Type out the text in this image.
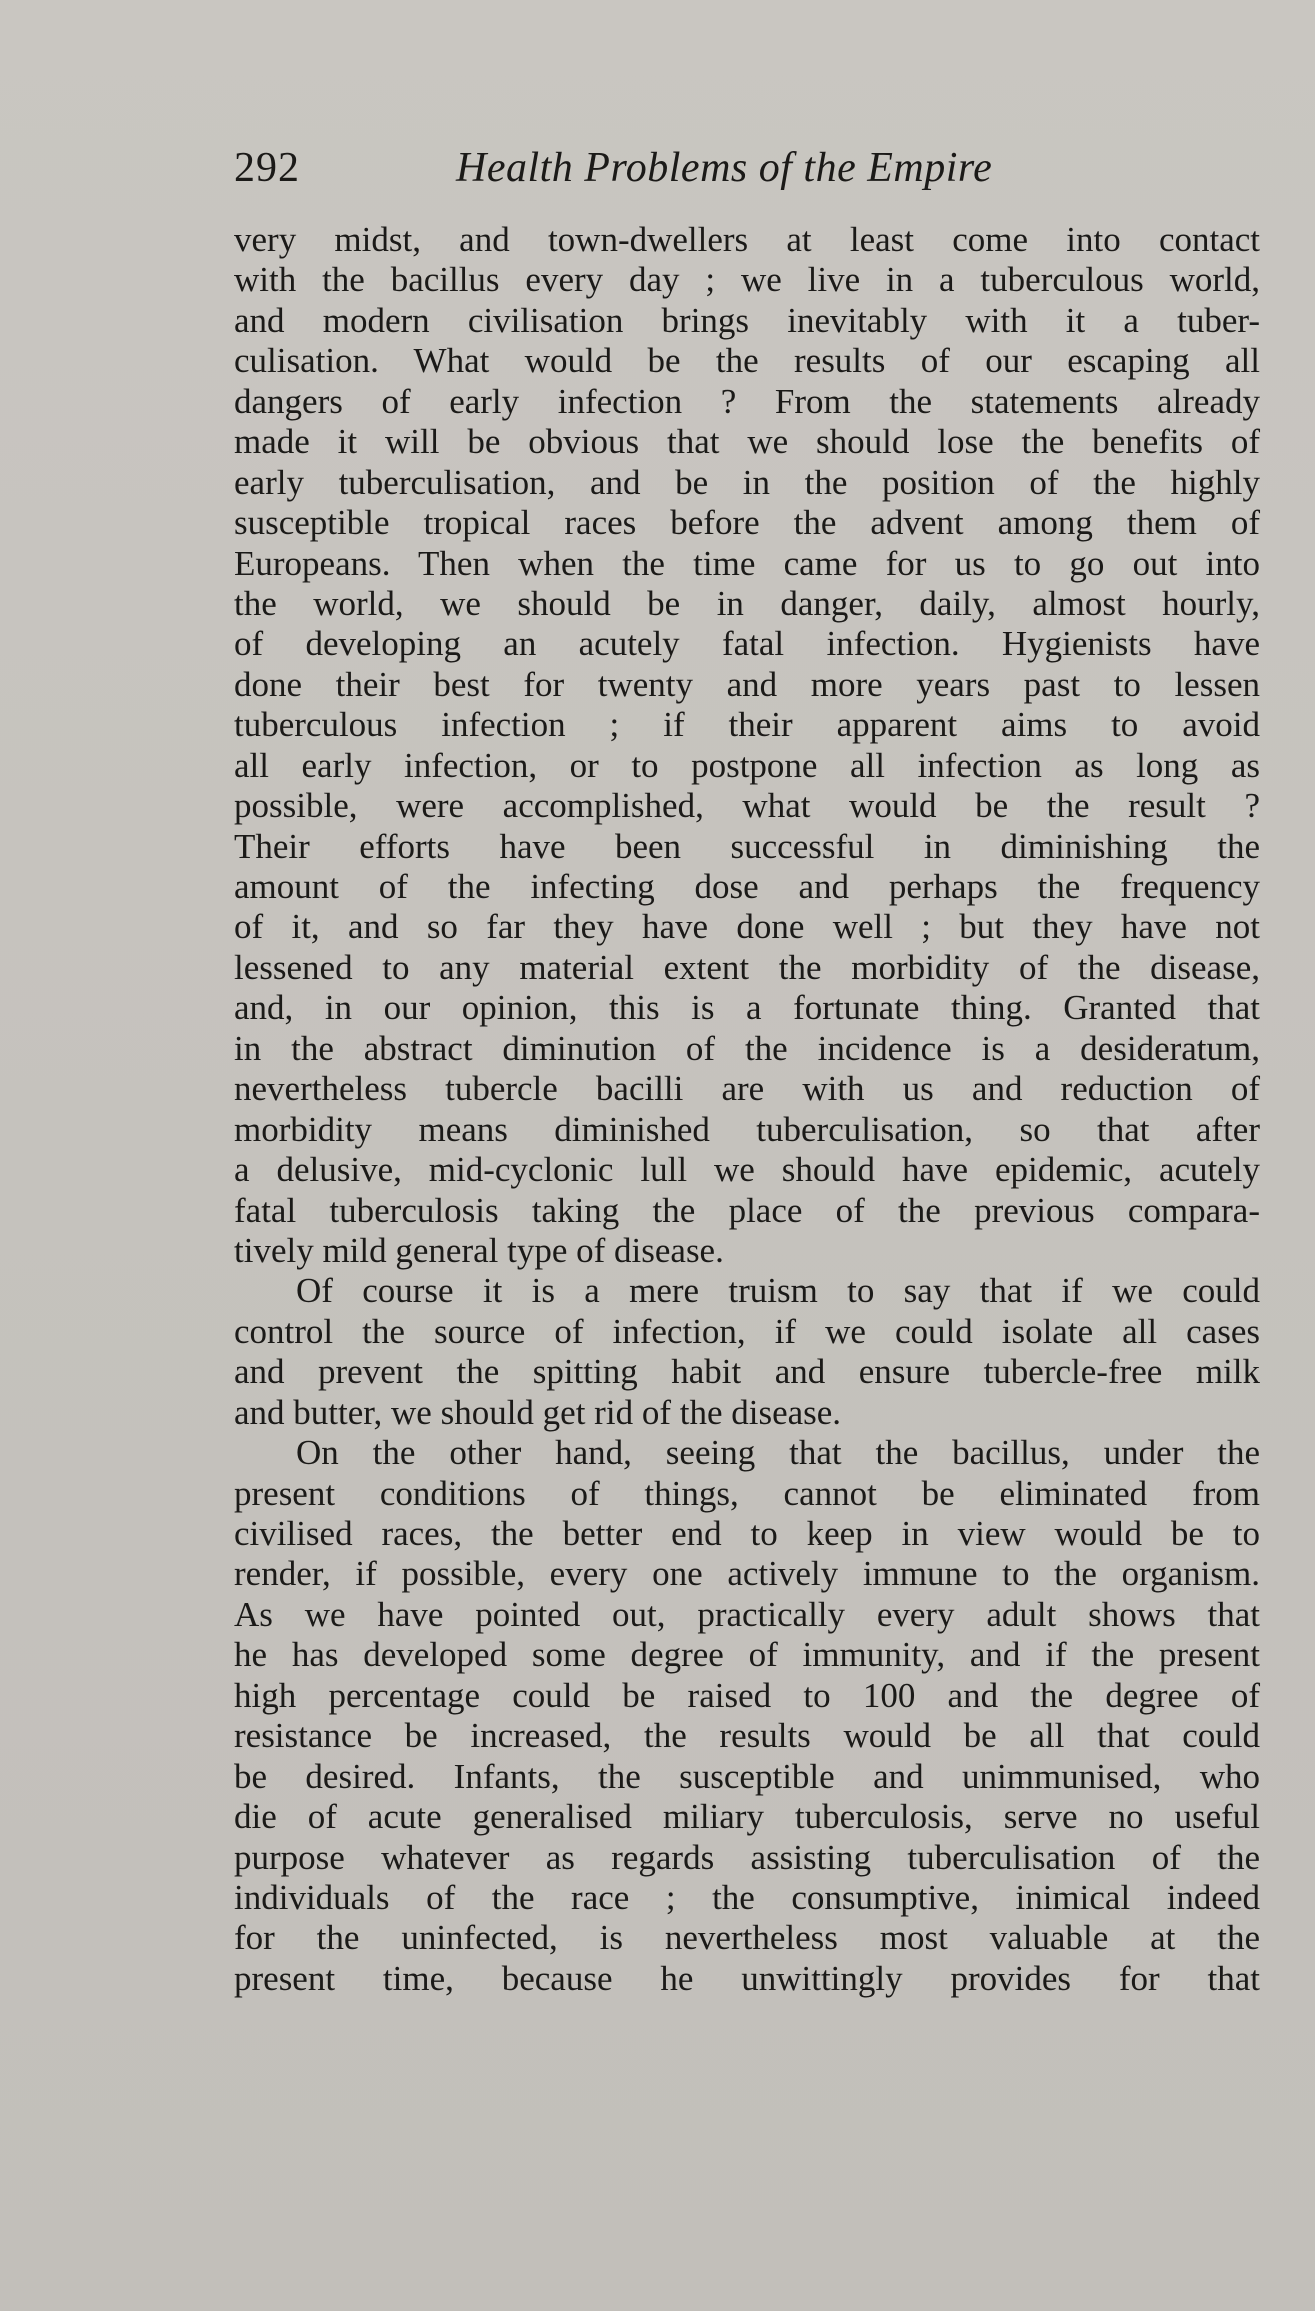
292	Health Problems of the Empire
very midst, and town-dwellers at least come into contact
with the bacillus every day ; we live in a tuberculous world,
and modern civilisation brings inevitably with it a tuber-
culisation. What would be the results of our escaping all
dangers of early infection ? From the statements already
made it will be obvious that we should lose the benefits of
early tuberculisation, and be in the position of the highly
susceptible tropical races before the advent among them of
Europeans. Then when the time came for us to go out into
the world, we should be in danger, daily, almost hourly,
of developing an acutely fatal infection. Hygienists have
done their best for twenty and more years past to lessen
tuberculous infection ; if their apparent aims to avoid
all early infection, or to postpone all infection as long as
possible, were accomplished, what would be the result ?
Their efforts have been successful in diminishing the
amount of the infecting dose and perhaps the frequency
of it, and so far they have done well ; but they have not
lessened to any material extent the morbidity of the disease,
and, in our opinion, this is a fortunate thing. Granted that
in the abstract diminution of the incidence is a desideratum,
nevertheless tubercle bacilli are with us and reduction of
morbidity means diminished tuberculisation, so that after
a delusive, mid-cyclonic lull we should have epidemic, acutely
fatal tuberculosis taking the place of the previous compara-
tively mild general type of disease.
Of course it is a mere truism to say that if we could
control the source of infection, if we could isolate all cases
and prevent the spitting habit and ensure tubercle-free milk
and butter, we should get rid of the disease.
On the other hand, seeing that the bacillus, under the
present conditions of things, cannot be eliminated from
civilised races, the better end to keep in view would be to
render, if possible, every one actively immune to the organism.
As we have pointed out, practically every adult shows that
he has developed some degree of immunity, and if the present
high percentage could be raised to 100 and the degree of
resistance be increased, the results would be all that could
be desired. Infants, the susceptible and unimmunised, who
die of acute generalised miliary tuberculosis, serve no useful
purpose whatever as regards assisting tuberculisation of the
individuals of the race ; the consumptive, inimical indeed
for the uninfected, is nevertheless most valuable at the
present time, because he unwittingly provides for that
